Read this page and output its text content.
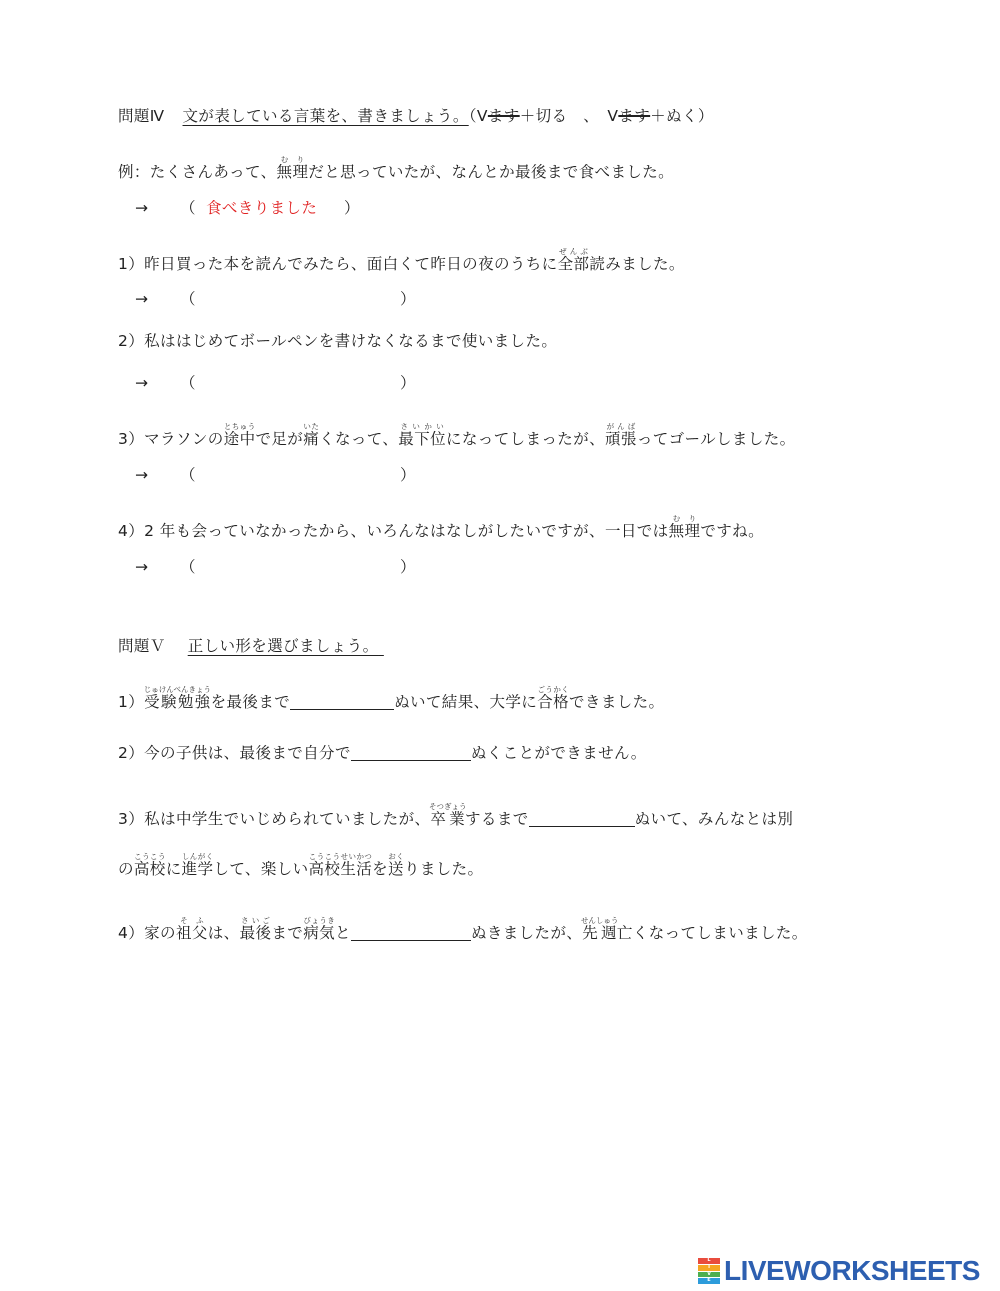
問題Ⅳ 文が表している言葉を、書きましょう。（Vます＋切る　、　Vます＋ぬく）
例：たくさんあって、無理むりだと思っていたが、なんとか最後まで食べました。
→ （ 食べきりました ）
1）昨日買った本を読んでみたら、面白くて昨日の夜のうちに全部ぜんぶ読みました。
→ （	）
2）私ははじめてボールペンを書けなくなるまで使いました。
→ （	）
3）マラソンの途中とちゅうで足が痛いたくなって、最下位さいかいになってしまったが、頑張がんばってゴールしました。
→ （	）
4）2 年も会っていなかったから、いろんなはなしがしたいですが、一日では無理むりですね。
→ （	）
問題Ｖ 正しい形を選びましょう。
1）受験勉強じゅけんべんきょうを最後まで	ぬいて結果、大学に合格ごうかくできました。
2）今の子供は、最後まで自分で	ぬくことができません。
3）私は中学生でいじめられていましたが、卒業そつぎょうするまで	ぬいて、みんなとは別
の高校こうこうに進学しんがくして、楽しい高校生活こうこうせいかつを送おくりました。
4）家の祖父そふは、最後さいごまで病気びょうきと	ぬきましたが、先週せんしゅう亡くなってしまいました。
L
I
V
E LIVEWORKSHEETS
